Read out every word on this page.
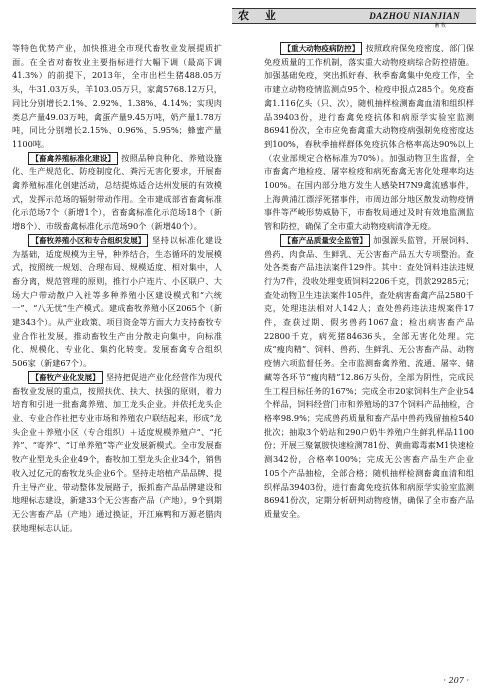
农 业	DAZHOU NIANJIAN
畜 牧

等特色优势产业，加快推进全市现代畜牧业发展提质扩面。在全省对畜牧业主要指标进行大幅下调（最高下调41.3%）的前提下，2013年，全市出栏生猪488.05万头，牛31.03万头，羊103.05万只，家禽5768.12万只，同比分别增长2.1%、2.92%、1.38%、4.14%；实现肉类总产量49.03万吨，禽蛋产量9.45万吨，奶产量1.78万吨，同比分别增长2.15%、0.96%、5.95%；蜂蜜产量1100吨。

【畜禽养殖标准化建设】 按照品种良种化、养殖设施化、生产规范化、防疫制度化、粪污无害化要求，开展畜禽养殖标准化创建活动，总结提炼适合达州发展的有效模式，发挥示范场的辐射带动作用。全市建成部省畜禽标准化示范场7个（新增1个），省畜禽标准化示范场18个（新增8个）、市级畜禽标准化示范场90个（新增40个）。

【畜牧养殖小区和专合组织发展】 坚持以标准化建设为基础，适度规模为主导，种养结合，生态循环的发展模式，按照统一规划、合理布局、规模适度、相对集中，人畜分离，规范管理的原则，推行小户连片、小区联户、大场大户带动散户入社等多种养殖小区建设模式和“六统一”、“八无忧”生产模式。建成畜牧养殖小区2065个（新建343个）。从产业政策、项目资金等方面大力支持畜牧专业合作社发展，推动畜牧生产由分散走向集中，向标准化、规模化、专业化、集约化转变。发展畜禽专合组织506家（新建67个）。

【畜牧产业化发展】 坚持把促进产业化经营作为现代畜牧业发展的重点，按照扶优、扶大、扶强的原则，着力培育和引进一批畜禽养殖、加工龙头企业。并依托龙头企业、专业合作社把专业市场和养殖农户联结起来，形成“龙头企业＋养殖小区（专合组织）＋适度规模养殖户”、“托养”、“寄养”、“订单养殖”等产业发展新模式。全市发展畜牧产业型龙头企业49个，畜牧加工型龙头企业34个，销售收入过亿元的畜牧龙头企业6个。坚持走培植产品品牌、提升主导产业、带动整体发展路子，振抓畜产品品牌建设和地理标志建设，新建33个无公害畜产品（产地），9个到期无公害畜产品（产地）通过换证，开江麻鸭和万源老腊肉获地理标志认证。

【重大动物疫病防控】 按照政府保免疫密度、部门保免疫质量的工作机制，落实重大动物疫病综合防控措施。加强基础免疫，突出抓好春、秋季畜禽集中免疫工作，全市建立动物疫情监测点95个、检疫申报点285个。免疫畜禽1.116亿头（只、次），随机抽样检测畜禽血清和组织样品39403份，进行畜禽免疫抗体和病原学实验室监测86941份次，全市应免畜禽重大动物疫病强制免疫密度达到100%，春秋季抽样群体免疫抗体合格率高达90%以上（农业部规定合格标准为70%）。加强动物卫生监督，全市畜禽产地检疫、屠宰检疫和病死畜禽无害化处理率均达100%。在国内部分地方发生人感染H7N9禽流感事件，上海黄浦江漂浮死猪事件，市周边部分地区散发动物疫情事件等严峻形势威胁下，市畜牧局通过及时有效地监测监管和防控，确保了全市重大动物疫病清净无疫。

【畜产品质量安全监管】 加强源头监管，开展饲料、兽药、肉食品、生鲜乳、无公害畜产品五大专项整治。查处各类畜产品违法案件129件。其中：查处饲料违法违规行为7件，没收处理变质饲料2206千克，罚款29285元；查处动物卫生违法案件105件，查处病害畜禽产品2580千克，处理违法相对人142人；查处兽药违法违规案件17件，查获过期、假劣兽药1067盒；检出病害畜产品22800千克，病死猪84636头，全部无害化处理。完成“瘦肉精”、饲料、兽药、生鲜乳、无公害畜产品、动物疫情六项监督任务。全市监测畜禽养殖、流通、屠宰、储藏等各环节“瘦肉精”12.86万头份，全部为阴性，完成民生工程目标任务的167%；完成全市20家饲料生产企业54个样品，饲料经营门市和养殖场的37个饲料产品抽检，合格率98.9%；完成兽药质量和畜产品中兽药残留抽检540批次；抽取3个奶站和290户奶牛养殖户生鲜乳样品1100份；开展三聚氰胺快速检测781份、黄曲霉毒素M1快速检测342份，合格率100%；完成无公害畜产品生产企业105个产品抽检，全部合格；随机抽样检测畜禽血清和组织样品39403份，进行畜禽免疫抗体和病原学实验室监测86941份次，定期分析研判动物疫情，确保了全市畜产品质量安全。

· 207 ·
